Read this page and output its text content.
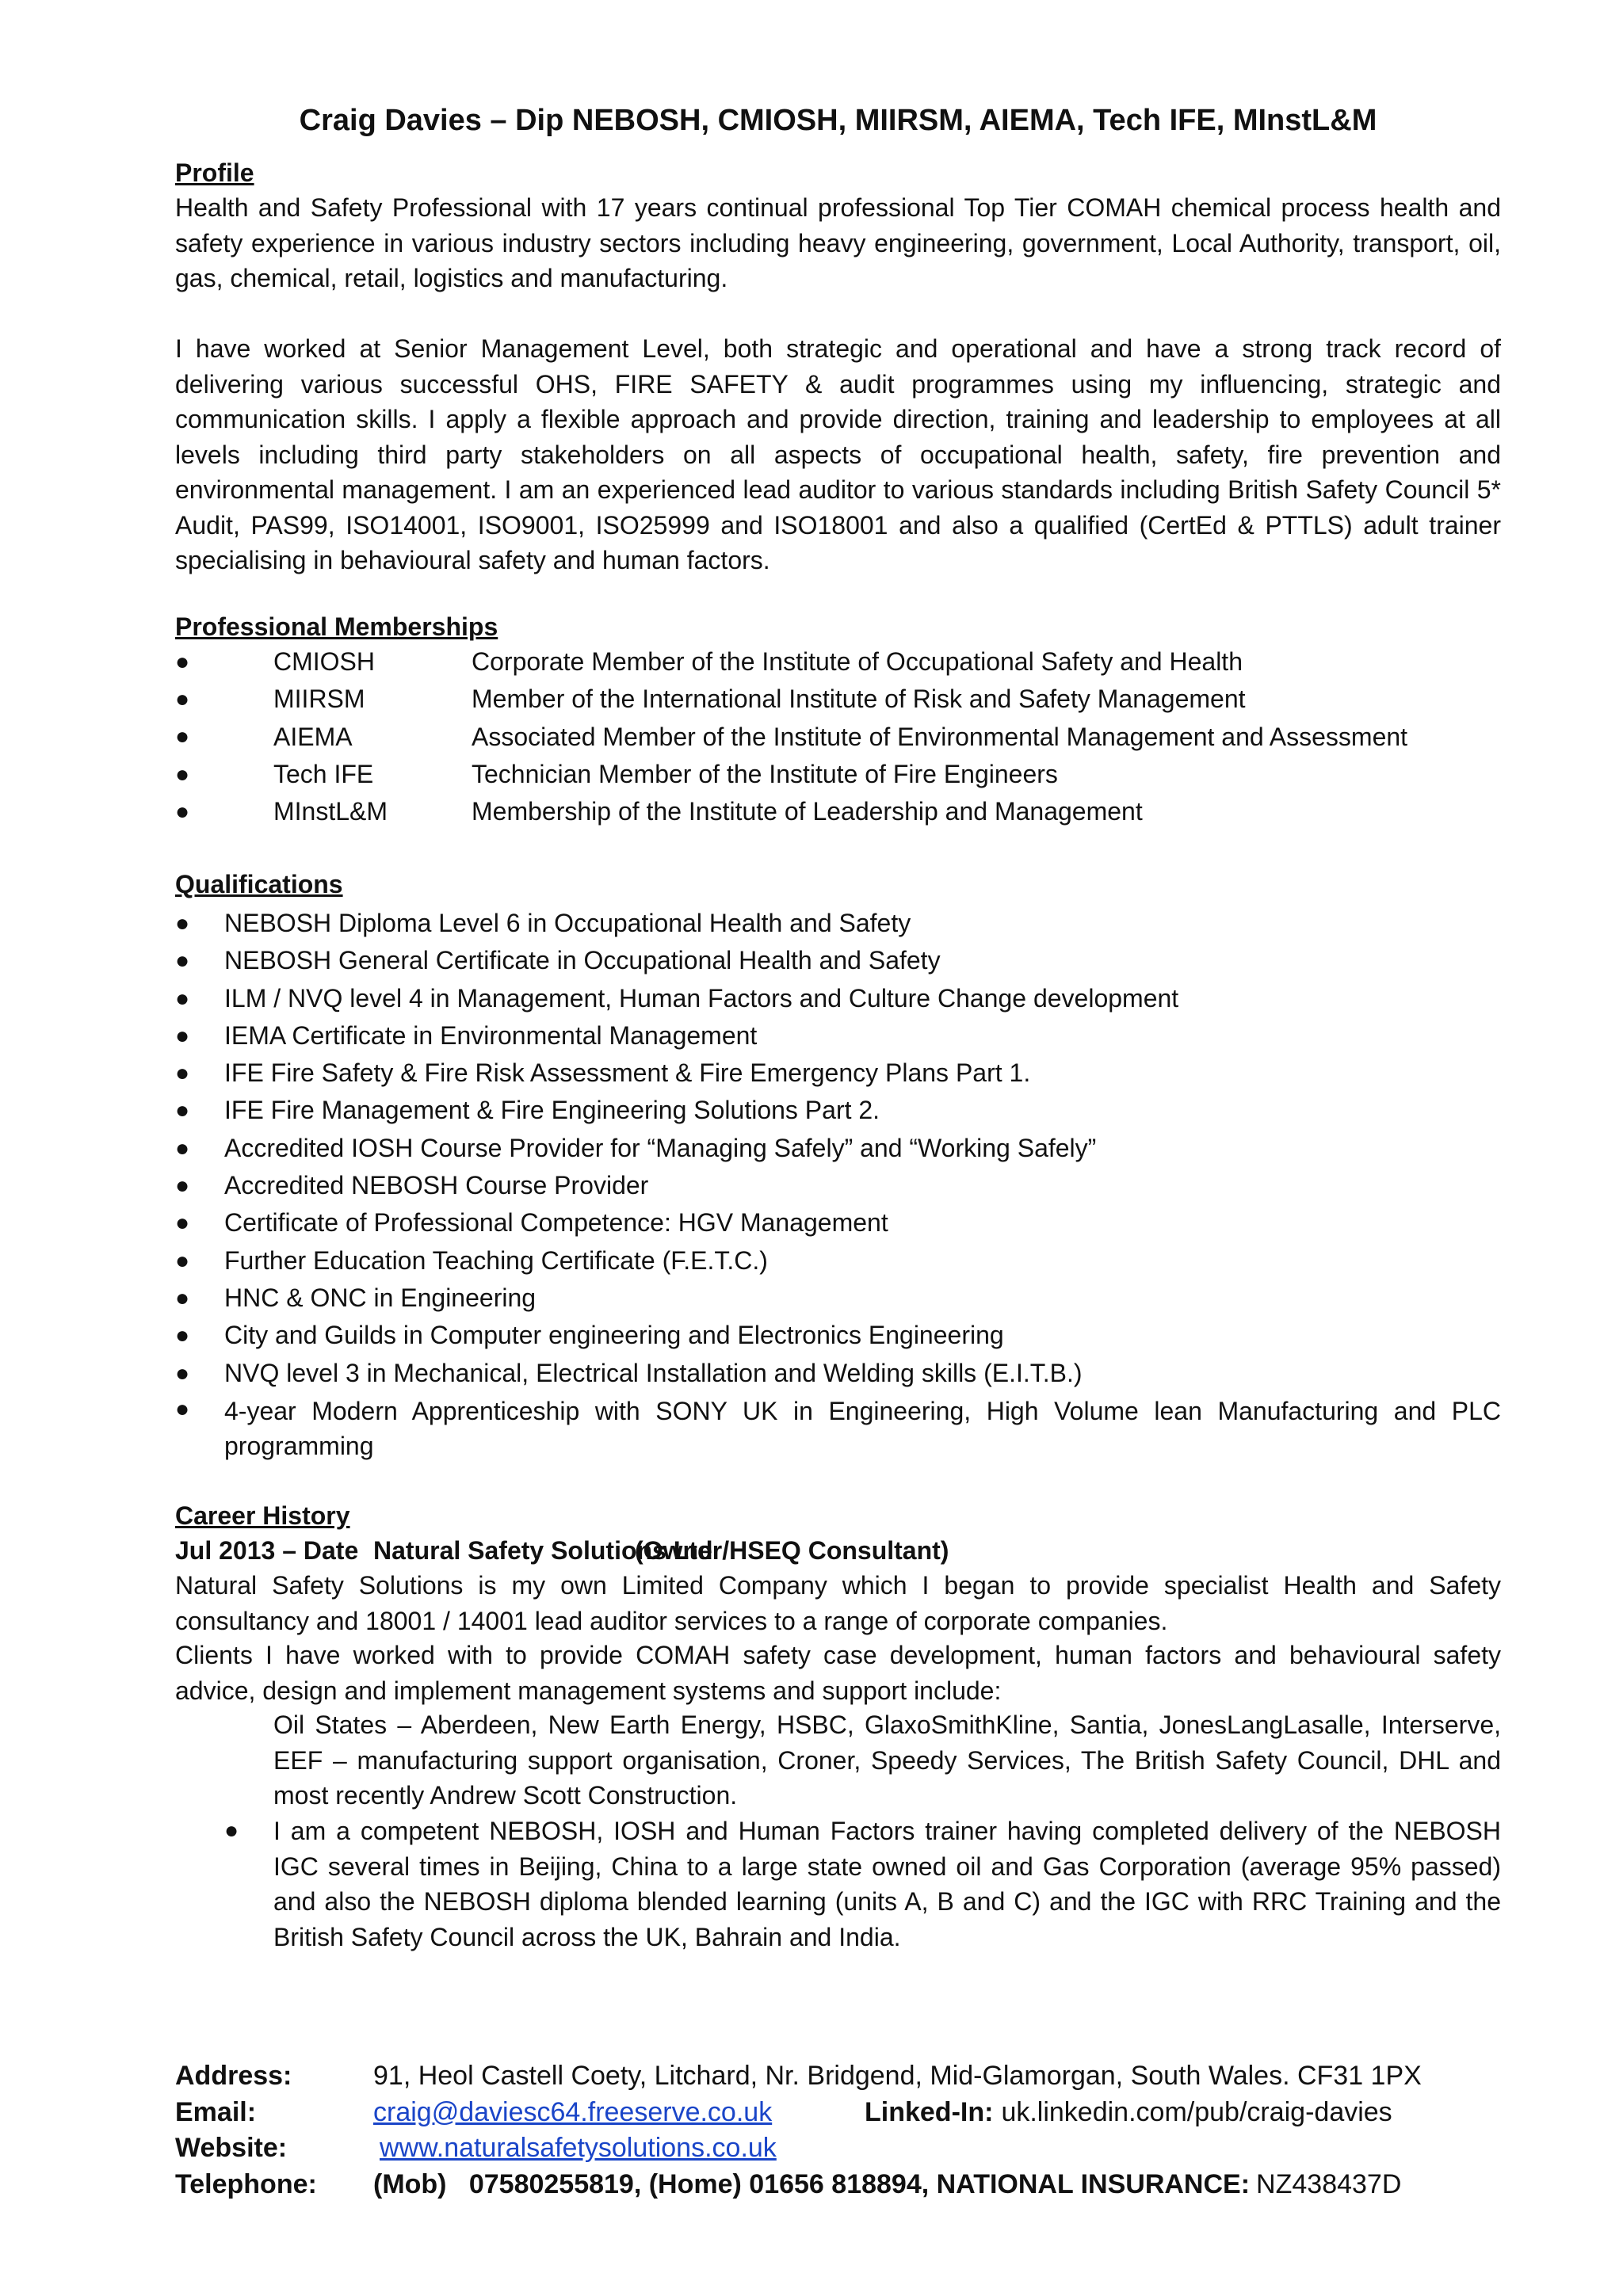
Craig Davies – Dip NEBOSH, CMIOSH, MIIRSM, AIEMA, Tech IFE, MInstL&M
Profile
Health and Safety Professional with 17 years continual professional Top Tier COMAH chemical process health and safety experience in various industry sectors including heavy engineering, government, Local Authority, transport, oil, gas, chemical, retail, logistics and manufacturing.
I have worked at Senior Management Level, both strategic and operational and have a strong track record of delivering various successful OHS, FIRE SAFETY & audit programmes using my influencing, strategic and communication skills. I apply a flexible approach and provide direction, training and leadership to employees at all levels including third party stakeholders on all aspects of occupational health, safety, fire prevention and environmental management. I am an experienced lead auditor to various standards including British Safety Council 5* Audit, PAS99, ISO14001, ISO9001, ISO25999 and ISO18001 and also a qualified (CertEd & PTTLS) adult trainer specialising in behavioural safety and human factors.
Professional Memberships
●	CMIOSH	Corporate Member of the Institute of Occupational Safety and Health
●	MIIRSM	Member of the International Institute of Risk and Safety Management
●	AIEMA	Associated Member of the Institute of Environmental Management and Assessment
●	Tech IFE	Technician Member of the Institute of Fire Engineers
●	MInstL&M	Membership of the Institute of Leadership and Management
Qualifications
●	NEBOSH Diploma Level 6 in Occupational Health and Safety
●	NEBOSH General Certificate in Occupational Health and Safety
●	ILM / NVQ level 4 in Management, Human Factors and Culture Change development
●	IEMA Certificate in Environmental Management
●	IFE Fire Safety & Fire Risk Assessment & Fire Emergency Plans Part 1.
●	IFE Fire Management & Fire Engineering Solutions Part 2.
●	Accredited IOSH Course Provider for “Managing Safely” and “Working Safely”
●	Accredited NEBOSH Course Provider
●	Certificate of Professional Competence: HGV Management
●	Further Education Teaching Certificate (F.E.T.C.)
●	HNC & ONC in Engineering
●	City and Guilds in Computer engineering and Electronics Engineering
●	NVQ level 3 in Mechanical, Electrical Installation and Welding skills (E.I.T.B.)
●	4-year Modern Apprenticeship with SONY UK in Engineering, High Volume lean Manufacturing and PLC programming
Career History
Jul 2013 – Date Natural Safety Solutions Ltd(Owner/HSEQ Consultant)
Natural Safety Solutions is my own Limited Company which I began to provide specialist Health and Safety consultancy and 18001 / 14001 lead auditor services to a range of corporate companies.
Clients I have worked with to provide COMAH safety case development, human factors and behavioural safety advice, design and implement management systems and support include:
Oil States – Aberdeen, New Earth Energy, HSBC, GlaxoSmithKline, Santia, JonesLangLasalle, Interserve, EEF – manufacturing support organisation, Croner, Speedy Services, The British Safety Council, DHL and most recently Andrew Scott Construction.
●	I am a competent NEBOSH, IOSH and Human Factors trainer having completed delivery of the NEBOSH IGC several times in Beijing, China to a large state owned oil and Gas Corporation (average 95% passed) and also the NEBOSH diploma blended learning (units A, B and C) and the IGC with RRC Training and the British Safety Council across the UK, Bahrain and India.
Address:	91, Heol Castell Coety, Litchard, Nr. Bridgend, Mid-Glamorgan, South Wales. CF31 1PX
Email:	craig@daviesc64.freeserve.co.uk	Linked-In: uk.linkedin.com/pub/craig-davies
Website:	www.naturalsafetysolutions.co.uk
Telephone:	(Mob)   07580255819, (Home) 01656 818894, NATIONAL INSURANCE : NZ438437D
